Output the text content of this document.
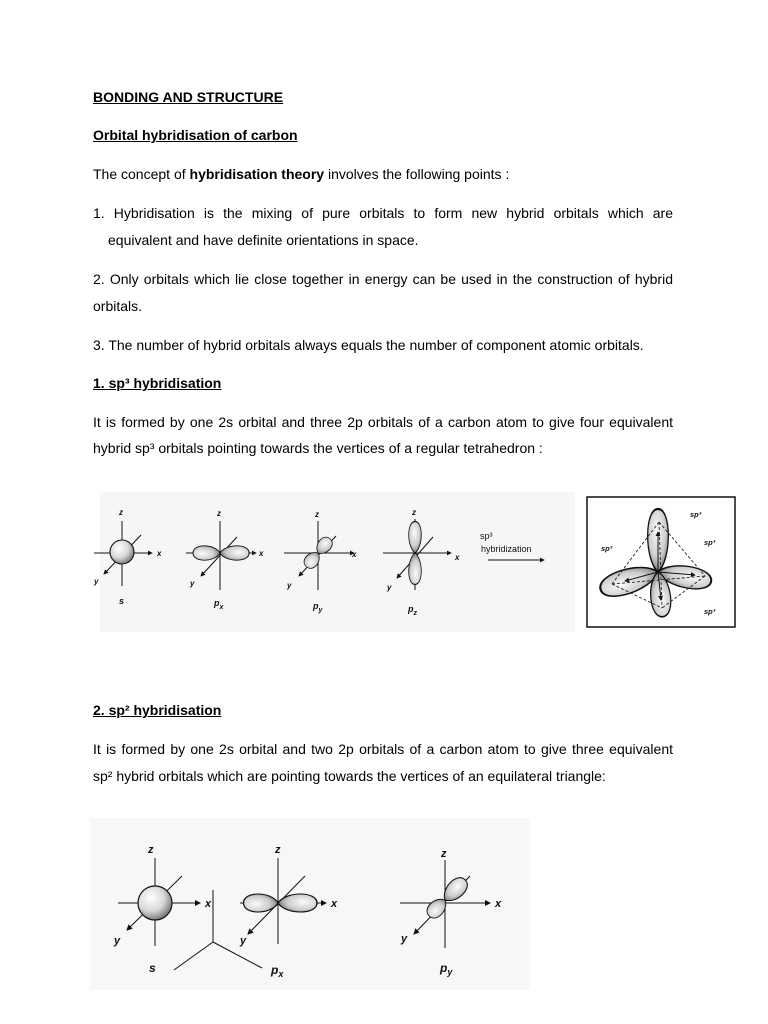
BONDING AND STRUCTURE
Orbital hybridisation of carbon
The concept of hybridisation theory involves the following points :
1. Hybridisation is the mixing of pure orbitals to form new hybrid orbitals which are
equivalent and have definite orientations in space.
2. Only orbitals which lie close together in energy can be used in the construction of hybrid
orbitals.
3. The number of hybrid orbitals always equals the number of component atomic orbitals.
1. sp³ hybridisation
It is formed by one 2s orbital and three 2p orbitals of a carbon atom to give four equivalent
hybrid sp³ orbitals pointing towards the vertices of a regular tetrahedron :
2. sp² hybridisation
It is formed by one 2s orbital and two 2p orbitals of a carbon atom to give three equivalent
sp² hybrid orbitals which are pointing towards the vertices of an equilateral triangle:
z
x
y
s
z
x
y
$p_x$
z
x
y
$p_y$
z
x
y
$p_z$
sp³
hybridization
sp³
sp³
sp³
sp³
z
x
y
s
z
x
y
$p_x$
z
x
y
$p_y$
